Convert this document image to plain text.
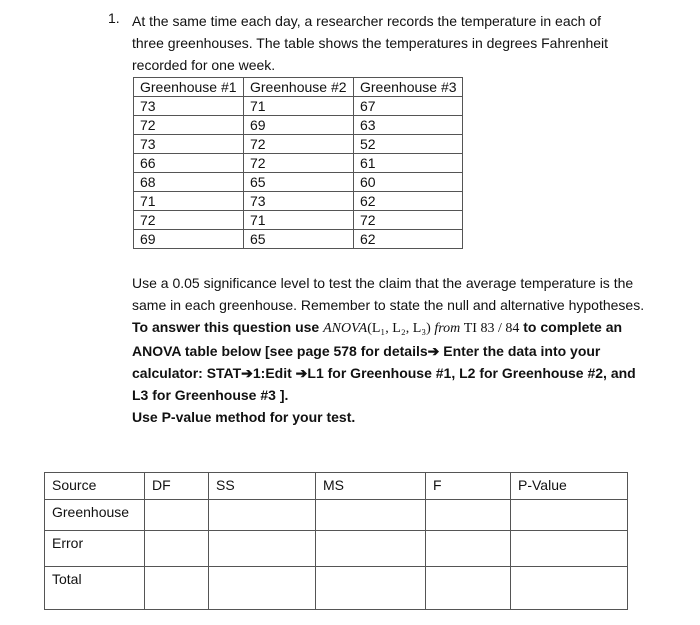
1. At the same time each day, a researcher records the temperature in each of three greenhouses. The table shows the temperatures in degrees Fahrenheit recorded for one week.
Greenhouse #1	Greenhouse #2	Greenhouse #3
73	71	67
72	69	63
73	72	52
66	72	61
68	65	60
71	73	62
72	71	72
69	65	62
Use a 0.05 significance level to test the claim that the average temperature is the same in each greenhouse. Remember to state the null and alternative hypotheses.
To answer this question use ANOVA(L₁, L₂, L₃) from TI 83 / 84 to complete an ANOVA table below [see page 578 for details➔ Enter the data into your calculator: STAT➔1:Edit ➔L1 for Greenhouse #1, L2 for Greenhouse #2, and L3 for Greenhouse #3 ].
Use P-value method for your test.
Source	DF	SS	MS	F	P-Value
Greenhouse					
Error					
Total					
